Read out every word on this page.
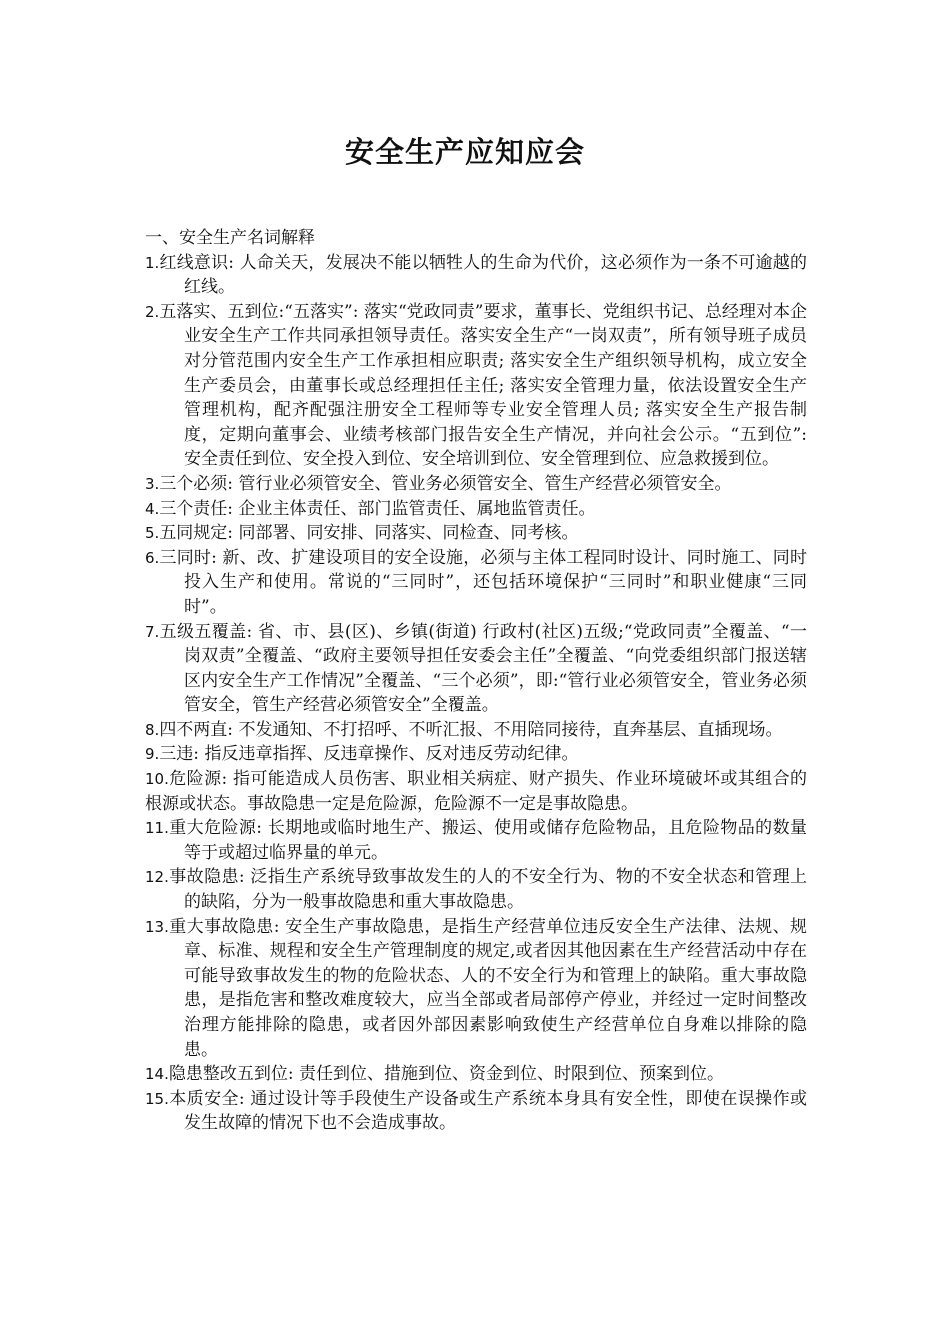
安全生产应知应会

一、安全生产名词解释

1.红线意识: 人命关天，发展决不能以牺牲人的生命为代价，这必须作为一条不可逾越的红线。

2.五落实、五到位:“五落实”: 落实“党政同责”要求，董事长、党组织书记、总经理对本企业安全生产工作共同承担领导责任。落实安全生产“一岗双责”，所有领导班子成员对分管范围内安全生产工作承担相应职责; 落实安全生产组织领导机构，成立安全生产委员会，由董事长或总经理担任主任; 落实安全管理力量，依法设置安全生产管理机构，配齐配强注册安全工程师等专业安全管理人员; 落实安全生产报告制度，定期向董事会、业绩考核部门报告安全生产情况，并向社会公示。“五到位”: 安全责任到位、安全投入到位、安全培训到位、安全管理到位、应急救援到位。

3.三个必须: 管行业必须管安全、管业务必须管安全、管生产经营必须管安全。

4.三个责任: 企业主体责任、部门监管责任、属地监管责任。

5.五同规定: 同部署、同安排、同落实、同检查、同考核。

6.三同时: 新、改、扩建设项目的安全设施，必须与主体工程同时设计、同时施工、同时投入生产和使用。常说的“三同时”，还包括环境保护“三同时”和职业健康“三同时”。

7.五级五覆盖: 省、市、县(区)、乡镇(街道) 行政村(社区)五级;“党政同责”全覆盖、“一岗双责”全覆盖、“政府主要领导担任安委会主任”全覆盖、“向党委组织部门报送辖区内安全生产工作情况”全覆盖、“三个必须”，即:“管行业必须管安全，管业务必须管安全，管生产经营必须管安全”全覆盖。

8.四不两直: 不发通知、不打招呼、不听汇报、不用陪同接待，直奔基层、直插现场。

9.三违: 指反违章指挥、反违章操作、反对违反劳动纪律。

10.危险源: 指可能造成人员伤害、职业相关病症、财产损失、作业环境破坏或其组合的根源或状态。事故隐患一定是危险源，危险源不一定是事故隐患。

11.重大危险源: 长期地或临时地生产、搬运、使用或储存危险物品，且危险物品的数量等于或超过临界量的单元。

12.事故隐患: 泛指生产系统导致事故发生的人的不安全行为、物的不安全状态和管理上的缺陷，分为一般事故隐患和重大事故隐患。

13.重大事故隐患: 安全生产事故隐患，是指生产经营单位违反安全生产法律、法规、规章、标准、规程和安全生产管理制度的规定,或者因其他因素在生产经营活动中存在可能导致事故发生的物的危险状态、人的不安全行为和管理上的缺陷。重大事故隐患，是指危害和整改难度较大，应当全部或者局部停产停业，并经过一定时间整改治理方能排除的隐患，或者因外部因素影响致使生产经营单位自身难以排除的隐患。

14.隐患整改五到位: 责任到位、措施到位、资金到位、时限到位、预案到位。

15.本质安全: 通过设计等手段使生产设备或生产系统本身具有安全性，即使在误操作或发生故障的情况下也不会造成事故。
